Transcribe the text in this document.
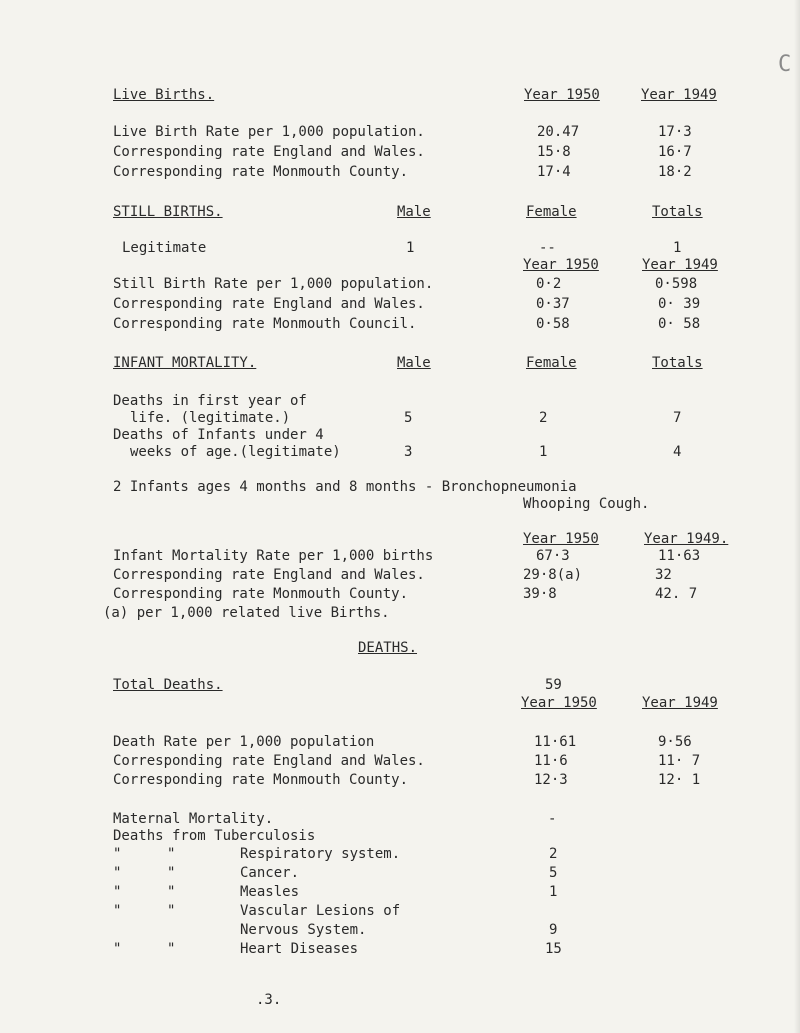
C
Live Births.	Year 1950	Year 1949
Live Birth Rate per 1,000 population.	20.47	17·3
Corresponding rate England and Wales.	15·8	16·7
Corresponding rate Monmouth County.	17·4	18·2
STILL BIRTHS.	Male	Female	Totals
Legitimate	1	--	1
Year 1950	Year 1949
Still Birth Rate per 1,000 population.	0·2	0·598
Corresponding rate England and Wales.	0·37	0· 39
Corresponding rate Monmouth Council.	0·58	0· 58
INFANT MORTALITY.	Male	Female	Totals
Deaths in first year of
life. (legitimate.)	5	2	7
Deaths of Infants under 4
weeks of age.(legitimate)	3	1	4
2 Infants ages 4 months and 8 months - Bronchopneumonia
Whooping Cough.
Year 1950	Year 1949.
Infant Mortality Rate per 1,000 births	67·3	11·63
Corresponding rate England and Wales.	29·8(a)	32
Corresponding rate Monmouth County.	39·8	42. 7
(a) per 1,000 related live Births.
DEATHS.
Total Deaths.	59
Year 1950	Year 1949
Death Rate per 1,000 population	11·61	9·56
Corresponding rate England and Wales.	11·6	11· 7
Corresponding rate Monmouth County.	12·3	12· 1
Maternal Mortality.	-
Deaths from Tuberculosis
"	"	Respiratory system.	2
"	"	Cancer.	5
"	"	Measles	1
"	"	Vascular Lesions of
Nervous System.	9
"	"	Heart Diseases	15
.3.
